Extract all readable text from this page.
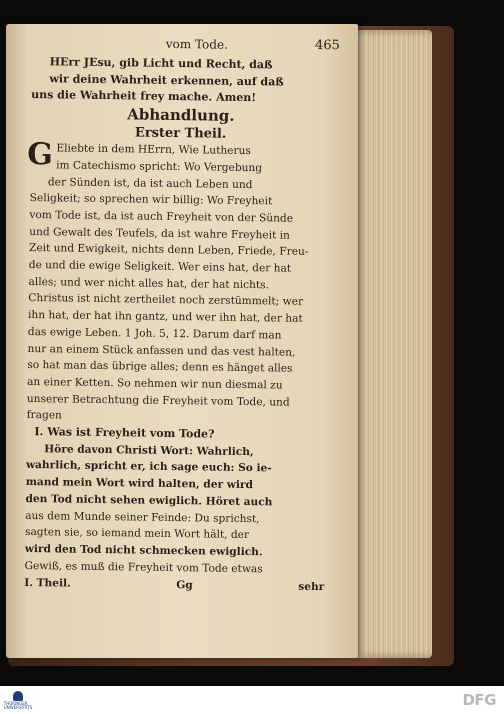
vom Tode.	465
HErr JEsu, gib Licht und Recht, daß
wir deine Wahrheit erkennen, auf daß
uns die Wahrheit frey mache. Amen!
Abhandlung.
Erster Theil.
G Eliebte in dem HErrn, Wie Lutherus
im Catechismo spricht: Wo Vergebung
der Sünden ist, da ist auch Leben und
Seligkeit; so sprechen wir billig: Wo Freyheit
vom Tode ist, da ist auch Freyheit von der Sünde
und Gewalt des Teufels, da ist wahre Freyheit in
Zeit und Ewigkeit, nichts denn Leben, Friede, Freu-
de und die ewige Seligkeit. Wer eins hat, der hat
alles; und wer nicht alles hat, der hat nichts.
Christus ist nicht zertheilet noch zerstümmelt; wer
ihn hat, der hat ihn gantz, und wer ihn hat, der hat
das ewige Leben. 1 Joh. 5, 12. Darum darf man
nur an einem Stück anfassen und das vest halten,
so hat man das übrige alles; denn es hänget alles
an einer Ketten. So nehmen wir nun diesmal zu
unserer Betrachtung die Freyheit vom Tode, und
fragen
I. Was ist Freyheit vom Tode?
Höre davon Christi Wort: Wahrlich,
wahrlich, spricht er, ich sage euch: So ie-
mand mein Wort wird halten, der wird
den Tod nicht sehen ewiglich. Höret auch
aus dem Munde seiner Feinde: Du sprichst,
sagten sie, so iemand mein Wort hält, der
wird den Tod nicht schmecken ewiglich.
Gewiß, es muß die Freyheit vom Tode etwas
I. Theil.	Gg	sehr
THÜRINGER UNIVERSITÄTS	DFG
